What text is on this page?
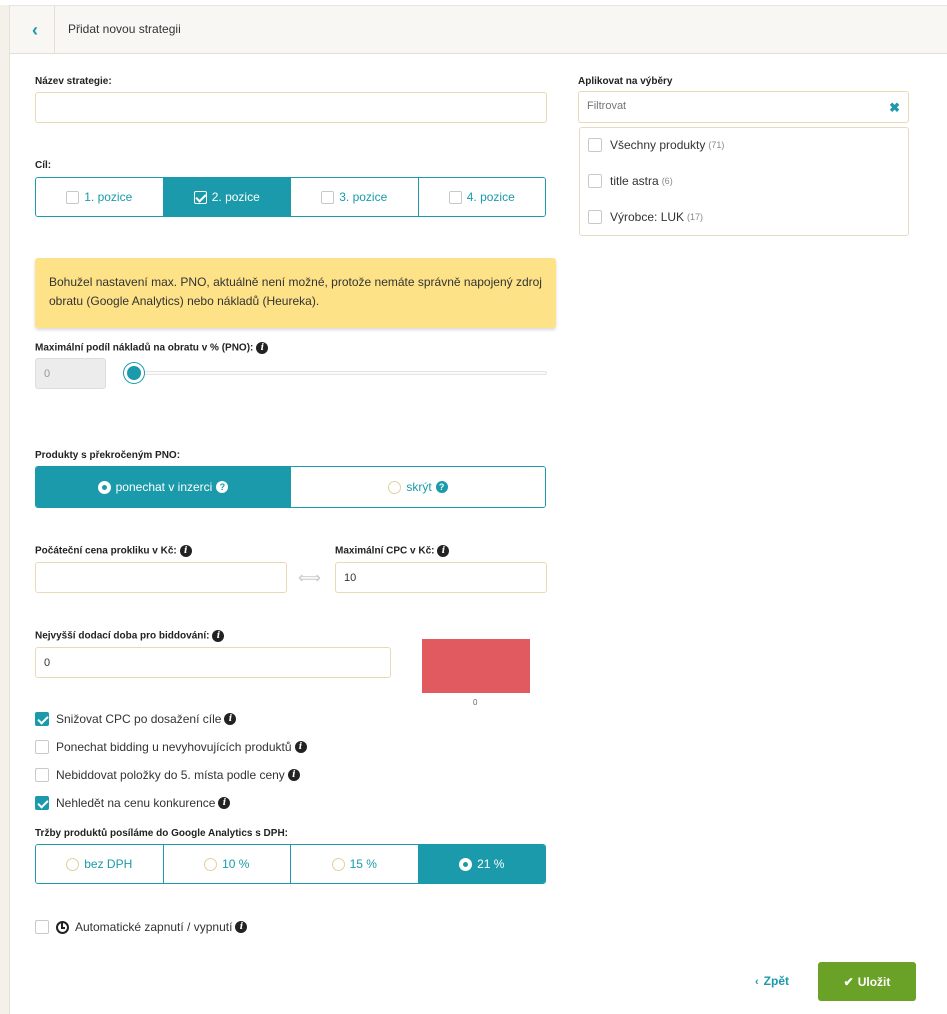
‹	Přidat novou strategii
Název strategie:
Cíl:
1. pozice	2. pozice	3. pozice	4. pozice
Bohužel nastavení max. PNO, aktuálně není možné, protože nemáte správně napojený zdroj obratu (Google Analytics) nebo nákladů (Heureka).
Maximální podíl nákladů na obratu v % (PNO): i
0
Produkty s překročeným PNO:
ponechat v inzerci ?	skrýt ?
Počáteční cena prokliku v Kč: i
⟺
Maximální CPC v Kč: i
10
Nejvyšší dodací doba pro biddování: i
0
0
Snižovat CPC po dosažení cíle i
Ponechat bidding u nevyhovujících produktů i
Nebiddovat položky do 5. místa podle ceny i
Nehledět na cenu konkurence i
Tržby produktů posíláme do Google Analytics s DPH:
bez DPH	10 %	15 %	21 %
Automatické zapnutí / vypnutí i
Aplikovat na výběry
Filtrovat
✖
Všechny produkty (71)
title astra (6)
Výrobce: LUK (17)
‹ Zpět	✔ Uložit
